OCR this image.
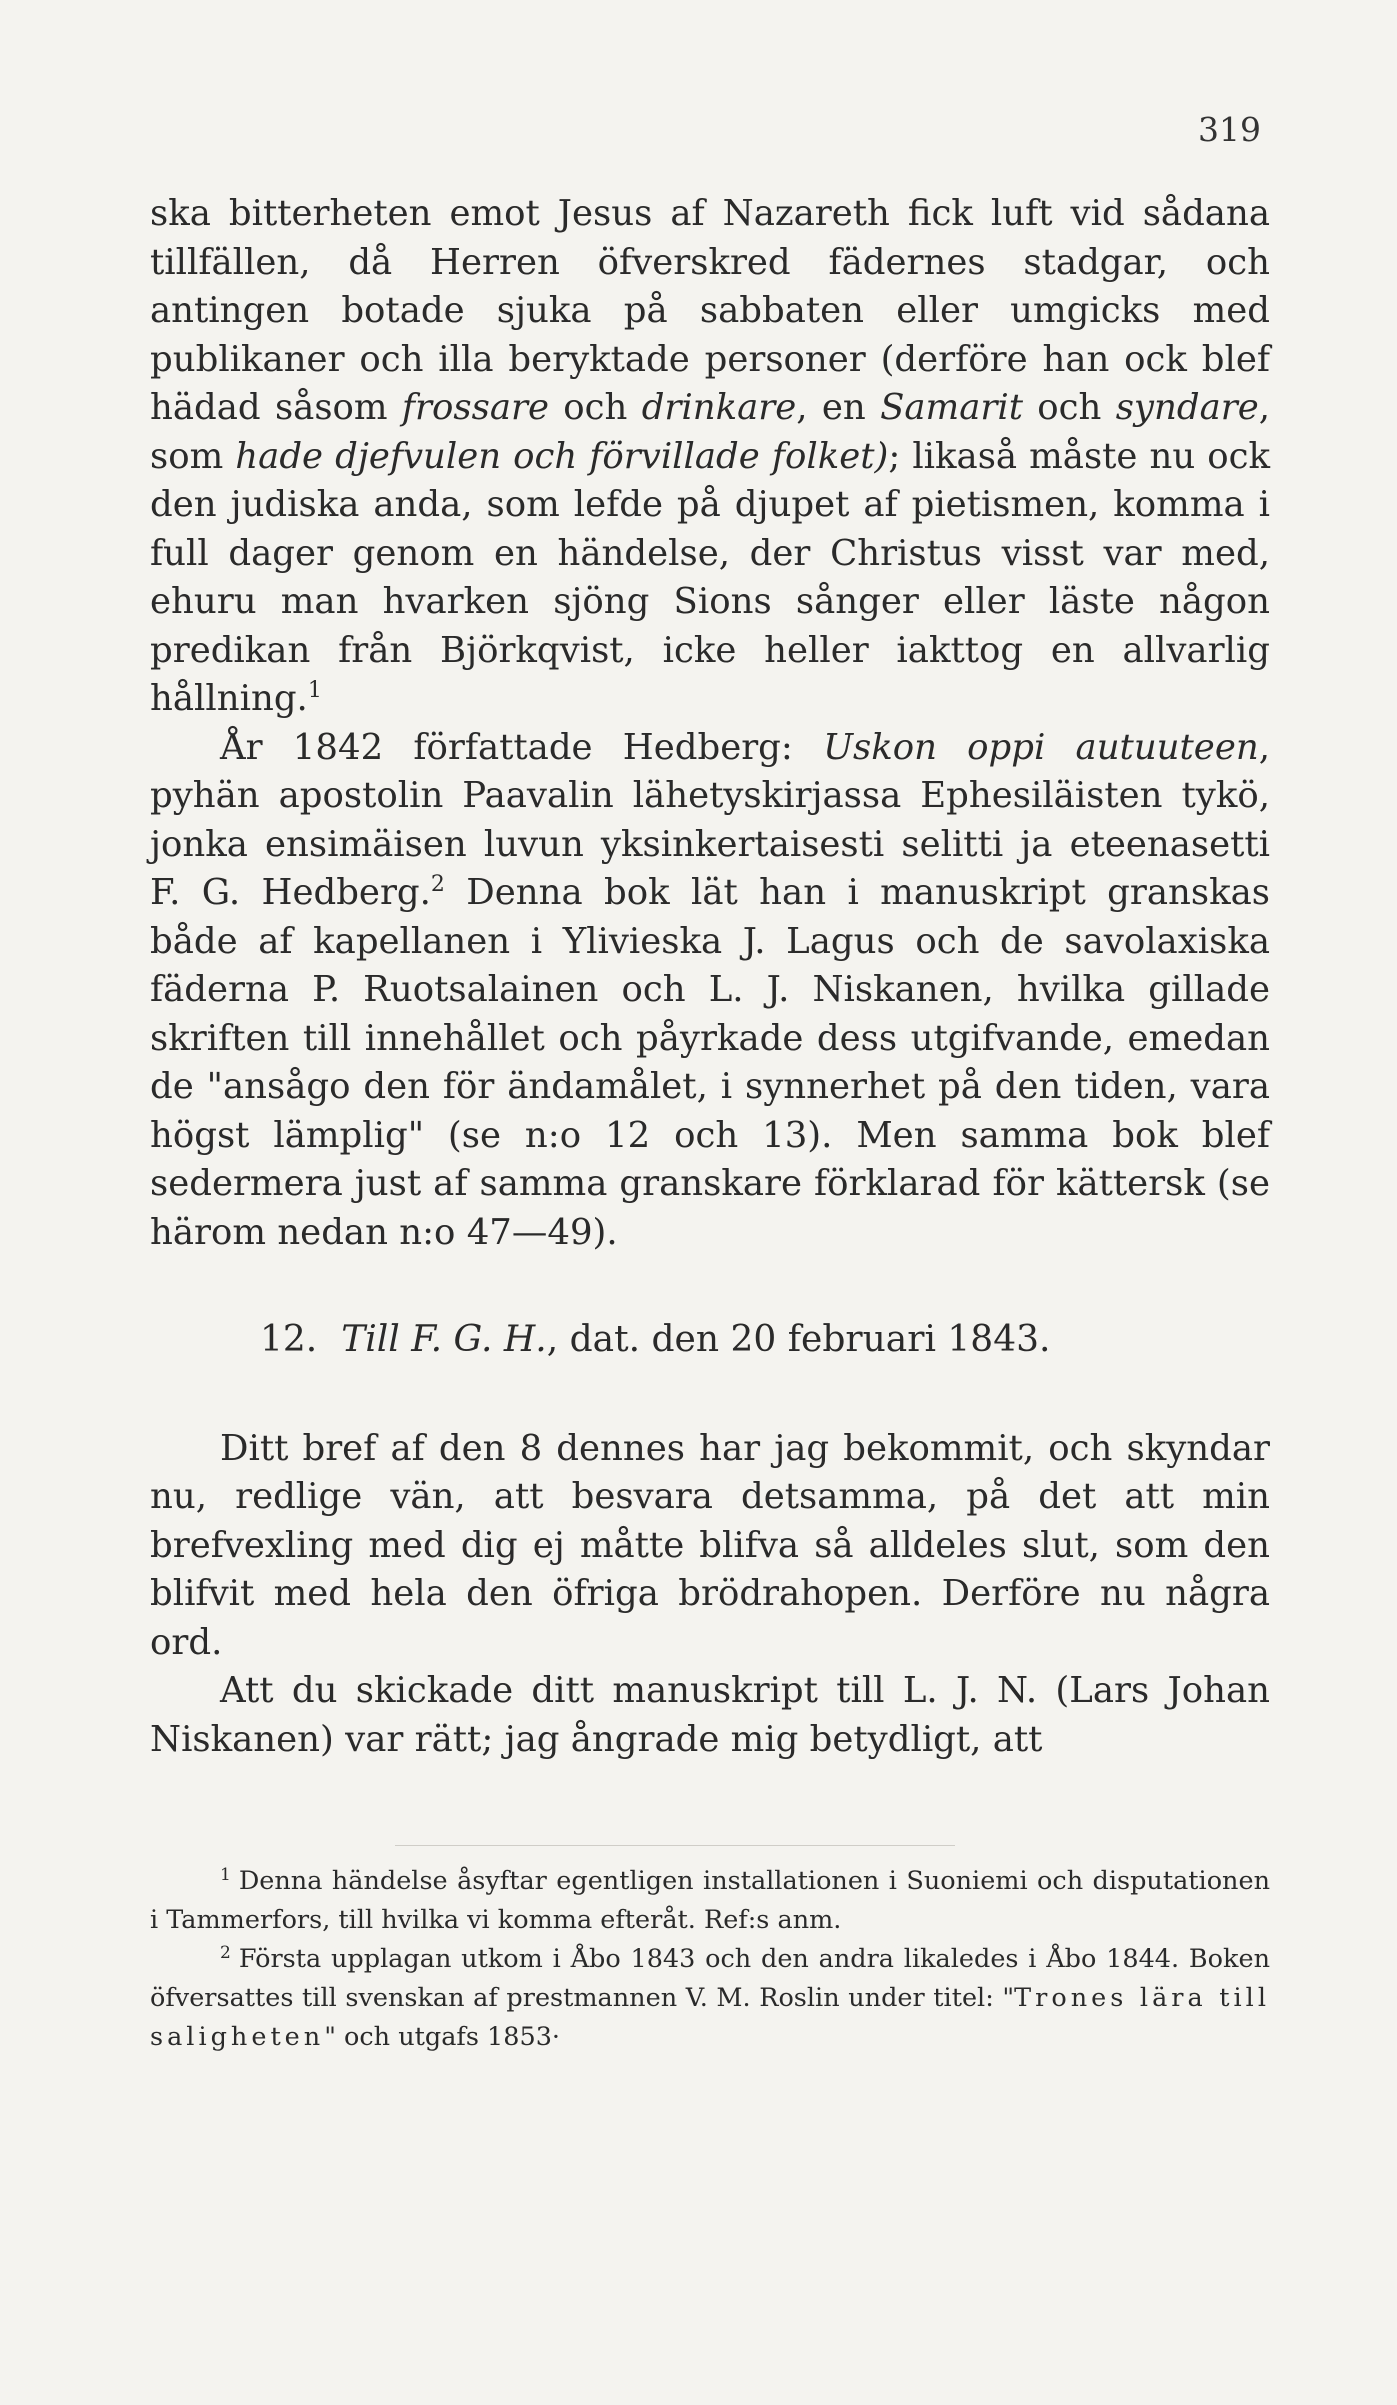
319

ska bitterheten emot Jesus af Nazareth fick luft vid sådana tillfällen, då Herren öfverskred fädernes stadgar, och antingen botade sjuka på sabbaten eller umgicks med publikaner och illa beryktade personer (derföre han ock blef hädad såsom frossare och drinkare, en Samarit och syndare, som hade djefvulen och förvillade folket); likaså måste nu ock den judiska anda, som lefde på djupet af pietismen, komma i full dager genom en händelse, der Christus visst var med, ehuru man hvarken sjöng Sions sånger eller läste någon predikan från Björkqvist, icke heller iakttog en allvarlig hållning.$^1$

År 1842 författade Hedberg: Uskon oppi autuuteen, pyhän apostolin Paavalin lähetyskirjassa Ephesiläisten tykö, jonka ensimäisen luvun yksinkertaisesti selitti ja eteenasetti F. G. Hedberg.$^2$ Denna bok lät han i manuskript granskas både af kapellanen i Ylivieska J. Lagus och de savolaxiska fäderna P. Ruotsalainen och L. J. Niskanen, hvilka gillade skriften till innehållet och påyrkade dess utgifvande, emedan de "ansågo den för ändamålet, i synnerhet på den tiden, vara högst lämplig" (se n:o 12 och 13). Men samma bok blef sedermera just af samma granskare förklarad för kättersk (se härom nedan n:o 47—49).

12. Till F. G. H., dat. den 20 februari 1843.

Ditt bref af den 8 dennes har jag bekommit, och skyndar nu, redlige vän, att besvara detsamma, på det att min brefvexling med dig ej måtte blifva så alldeles slut, som den blifvit med hela den öfriga brödrahopen. Derföre nu några ord.

Att du skickade ditt manuskript till L. J. N. (Lars Johan Niskanen) var rätt; jag ångrade mig betydligt, att

$^1$ Denna händelse åsyftar egentligen installationen i Suoniemi och disputationen i Tammerfors, till hvilka vi komma efteråt. Ref:s anm.

$^2$ Första upplagan utkom i Åbo 1843 och den andra likaledes i Åbo 1844. Boken öfversattes till svenskan af prestmannen V. M. Roslin under titel: "Trones lära till saligheten" och utgafs 1853·
